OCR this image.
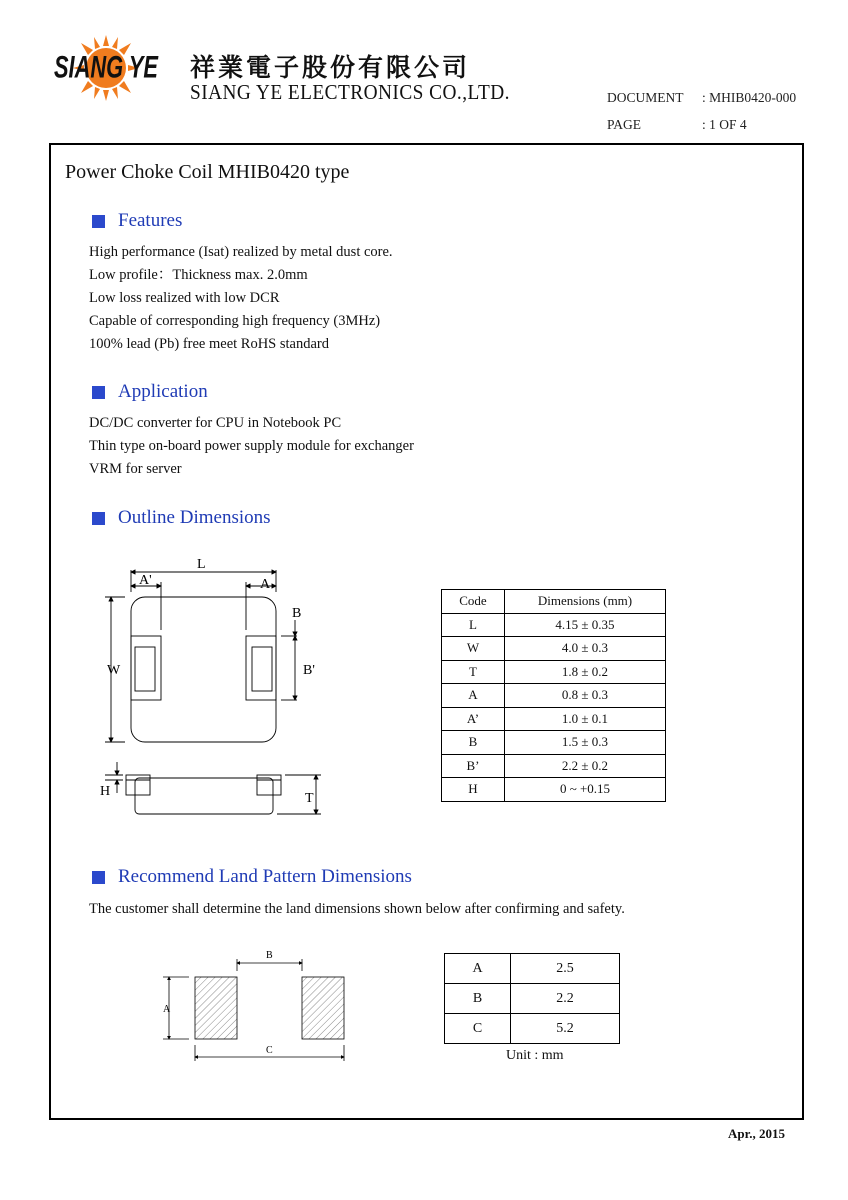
SIANG YE 祥業電子股份有限公司
SIANG YE ELECTRONICS CO.,LTD.	DOCUMENT : MHIB0420-000
PAGE	: 1 OF 4
Power Choke Coil MHIB0420 type
Features
High performance (Isat) realized by metal dust core.
Low profile：Thickness max. 2.0mm
Low loss realized with low DCR
Capable of corresponding high frequency (3MHz)
100% lead (Pb) free meet RoHS standard
Application
DC/DC converter for CPU in Notebook PC
Thin type on-board power supply module for exchanger
VRM for server
Outline Dimensions
L
A'	A
B
W	B'
H	T
Code	Dimensions (mm)
L	4.15 ± 0.35
W	4.0 ± 0.3
T	1.8 ± 0.2
A	0.8 ± 0.3
A’	1.0 ± 0.1
B	1.5 ± 0.3
B’	2.2 ± 0.2
H	0 ~ +0.15
Recommend Land Pattern Dimensions
The customer shall determine the land dimensions shown below after confirming and safety.
B
A
C
A	2.5
B	2.2
C	5.2
Unit : mm
Apr., 2015
